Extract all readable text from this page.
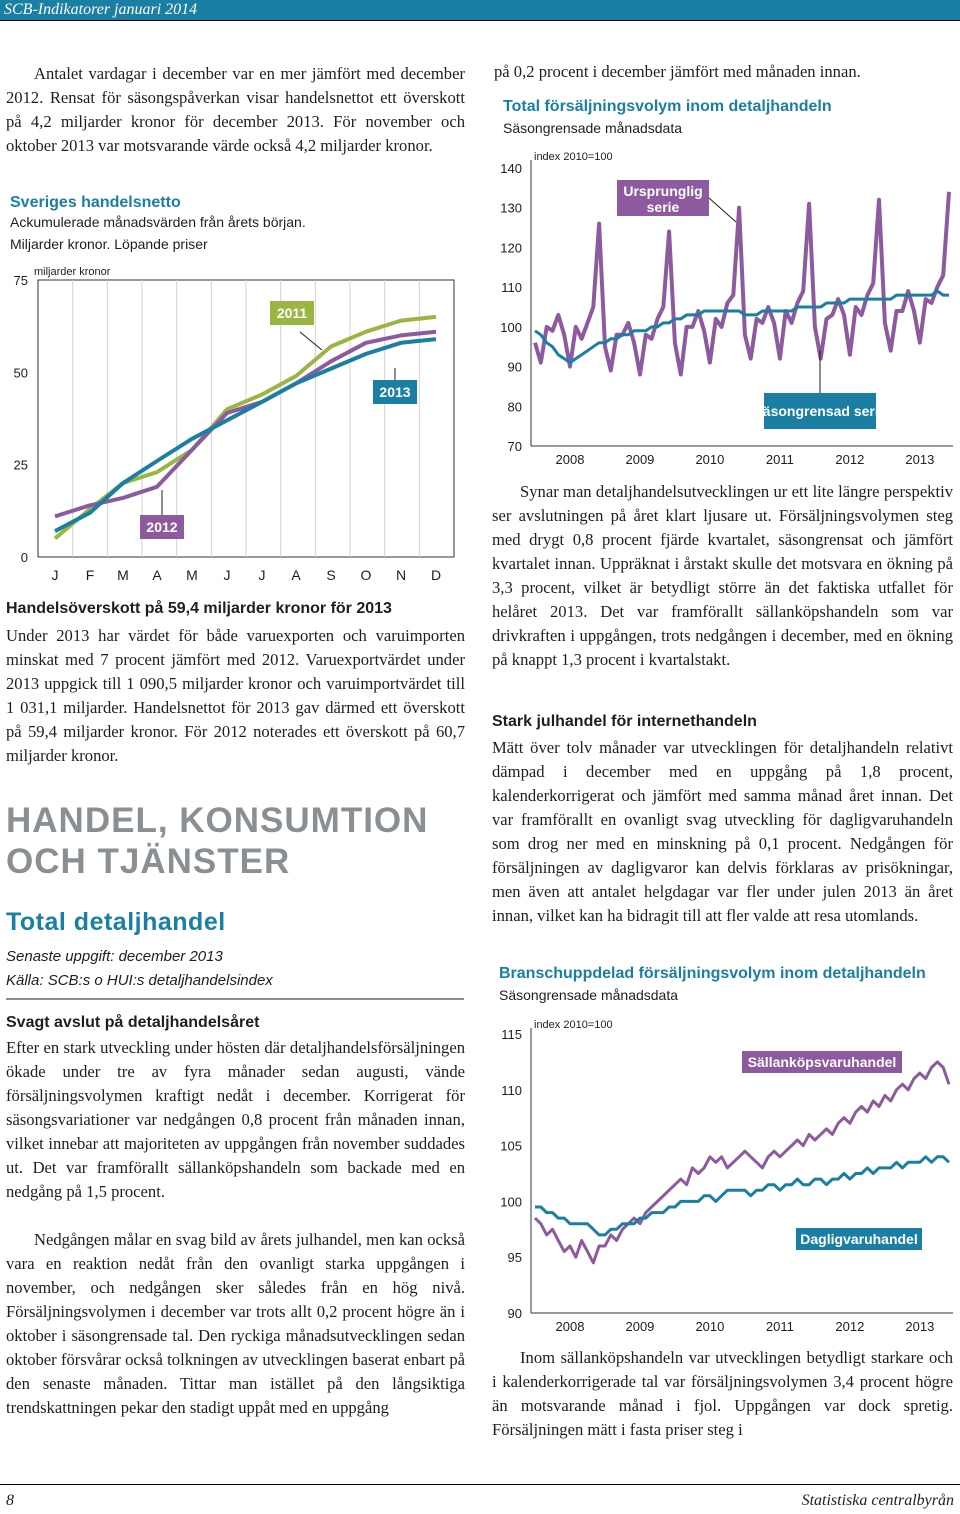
SCB-Indikatorer januari 2014

Antalet vardagar i december var en mer jämfört med december 2012. Rensat för säsongspåverkan visar handelsnettot ett överskott på 4,2 miljarder kronor för december 2013. För november och oktober 2013 var motsvarande värde också 4,2 miljarder kronor.

Sveriges handelsnetto
Ackumulerade månadsvärden från årets början.
Miljarder kronor. Löpande priser
0
25
50
75
miljarder kronor
J F M A M J J A S O N D
2011
2012
2013
Handelsöverskott på 59,4 miljarder kronor för 2013

Under 2013 har värdet för både varuexporten och varuimporten minskat med 7 procent jämfört med 2012. Varuexportvärdet under 2013 uppgick till 1 090,5 miljarder kronor och varuimportvärdet till 1 031,1 miljarder. Handelsnettot för 2013 gav därmed ett överskott på 59,4 miljarder kronor. För 2012 noterades ett överskott på 60,7 miljarder kronor.

HANDEL, KONSUMTION
OCH TJÄNSTER
Total detaljhandel
Senaste uppgift: december 2013
Källa: SCB:s o HUI:s detaljhandelsindex
Svagt avslut på detaljhandelsåret

Efter en stark utveckling under hösten där detaljhandelsförsäljningen ökade under tre av fyra månader sedan augusti, vände försäljningsvolymen kraftigt nedåt i december. Korrigerat för säsongsvariationer var nedgången 0,8 procent från månaden innan, vilket innebar att majoriteten av uppgången från november suddades ut. Det var framförallt sällanköpshandeln som backade med en nedgång på 1,5 procent.

Nedgången målar en svag bild av årets julhandel, men kan också vara en reaktion nedåt från den ovanligt starka uppgången i november, och nedgången sker således från en hög nivå. Försäljningsvolymen i december var trots allt 0,2 procent högre än i oktober i säsongrensade tal. Den ryckiga månadsutvecklingen sedan oktober försvårar också tolkningen av utvecklingen baserat enbart på den senaste månaden. Tittar man istället på den långsiktiga trendskattningen pekar den stadigt uppåt med en uppgång

på 0,2 procent i december jämfört med månaden innan.
Total försäljningsvolym inom detaljhandeln
Säsongrensade månadsdata
70
80
90
100
110
120
130
140
index 2010=100
2008	2009	2010	2011	2012	2013
Ursprunglig
serie
Säsongrensad serie

Synar man detaljhandelsutvecklingen ur ett lite längre perspektiv ser avslutningen på året klart ljusare ut. Försäljningsvolymen steg med drygt 0,8 procent fjärde kvartalet, säsongrensat och jämfört kvartalet innan. Uppräknat i årstakt skulle det motsvara en ökning på 3,3 procent, vilket är betydligt större än det faktiska utfallet för helåret 2013. Det var framförallt sällanköpshandeln som var drivkraften i uppgången, trots nedgången i december, med en ökning på knappt 1,3 procent i kvartalstakt.

Stark julhandel för internethandeln

Mätt över tolv månader var utvecklingen för detaljhandeln relativt dämpad i december med en uppgång på 1,8 procent, kalenderkorrigerat och jämfört med samma månad året innan. Det var framförallt en ovanligt svag utveckling för dagligvaruhandeln som drog ner med en minskning på 0,1 procent. Nedgången för försäljningen av dagligvaror kan delvis förklaras av prisökningar, men även att antalet helgdagar var fler under julen 2013 än året innan, vilket kan ha bidragit till att fler valde att resa utomlands.

Branschuppdelad försäljningsvolym inom detaljhandeln
Säsongrensade månadsdata
90
95
100
105
110
115
index 2010=100
2008	2009	2010	2011	2012	2013
Sällanköpsvaruhandel
Dagligvaruhandel

Inom sällanköpshandeln var utvecklingen betydligt starkare och i kalenderkorrigerade tal var försäljningsvolymen 3,4 procent högre än motsvarande månad i fjol. Uppgången var dock spretig. Försäljningen mätt i fasta priser steg i

8	Statistiska centralbyrån
